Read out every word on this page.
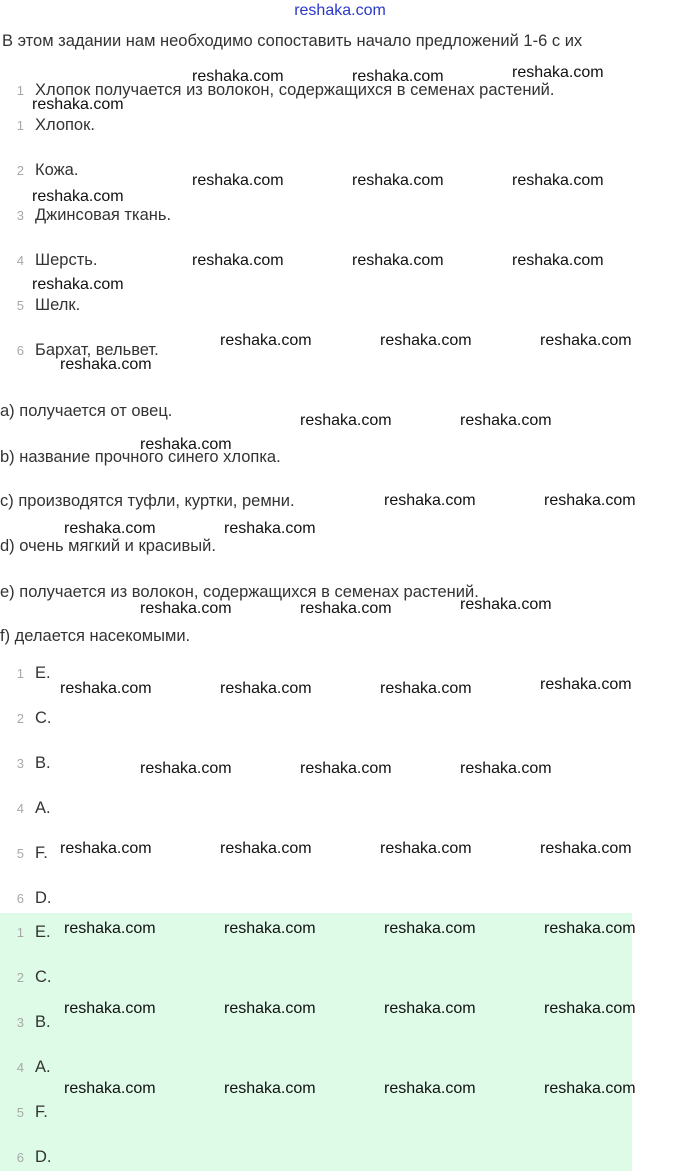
reshaka.com
В этом задании нам необходимо сопоставить начало предложений 1-6 с их
1 Хлопок получается из волокон, содержащихся в семенах растений.
1 Хлопок.
2 Кожа.
3 Джинсовая ткань.
4 Шерсть.
5 Шелк.
6 Бархат, вельвет.
a) получается от овец.
b) название прочного синего хлопка.
c) производятся туфли, куртки, ремни.
d) очень мягкий и красивый.
e) получается из волокон, содержащихся в семенах растений.
f) делается насекомыми.
1 E.
2 C.
3 B.
4 A.
5 F.
6 D.
1 E.
2 C.
3 B.
4 A.
5 F.
6 D.
reshaka.com	reshaka.com	reshaka.com
reshaka.com
reshaka.com	reshaka.com	reshaka.com
reshaka.com
reshaka.com	reshaka.com	reshaka.com
reshaka.com
reshaka.com	reshaka.com	reshaka.com
reshaka.com
reshaka.com	reshaka.com
reshaka.com
reshaka.com	reshaka.com
reshaka.com	reshaka.com
reshaka.com	reshaka.com	reshaka.com
reshaka.com	reshaka.com	reshaka.com	reshaka.com
reshaka.com	reshaka.com	reshaka.com
reshaka.com	reshaka.com	reshaka.com	reshaka.com
reshaka.com	reshaka.com	reshaka.com	reshaka.com
reshaka.com	reshaka.com	reshaka.com	reshaka.com
reshaka.com	reshaka.com	reshaka.com	reshaka.com
